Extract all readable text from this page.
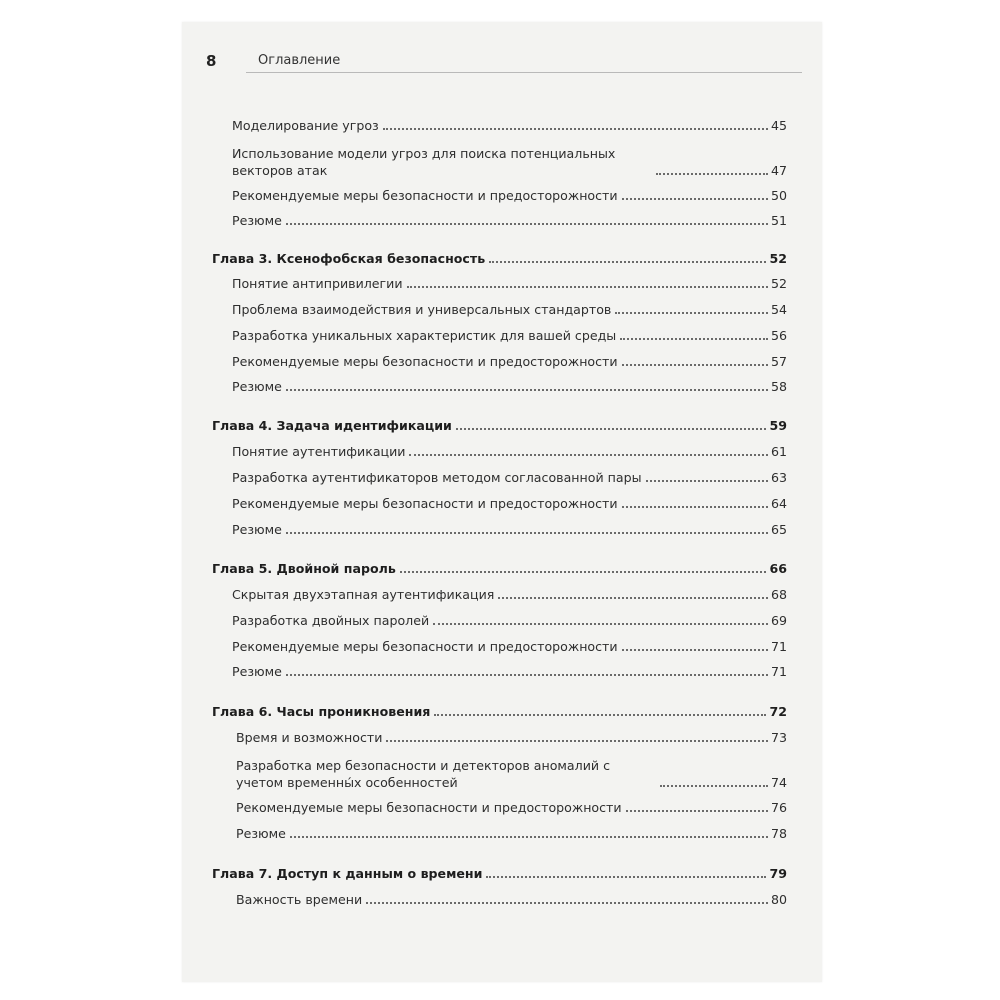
8	Оглавление
Моделирование угроз	45
Использование модели угроз для поиска потенциальных векторов атак	47
Рекомендуемые меры безопасности и предосторожности	50
Резюме	51
Глава 3. Ксенофобская безопасность	52
Понятие антипривилегии	52
Проблема взаимодействия и универсальных стандартов	54
Разработка уникальных характеристик для вашей среды	56
Рекомендуемые меры безопасности и предосторожности	57
Резюме	58
Глава 4. Задача идентификации	59
Понятие аутентификации	61
Разработка аутентификаторов методом согласованной пары	63
Рекомендуемые меры безопасности и предосторожности	64
Резюме	65
Глава 5. Двойной пароль	66
Скрытая двухэтапная аутентификация	68
Разработка двойных паролей	69
Рекомендуемые меры безопасности и предосторожности	71
Резюме	71
Глава 6. Часы проникновения	72
Время и возможности	73
Разработка мер безопасности и детекторов аномалий с учетом временны́х особенностей	74
Рекомендуемые меры безопасности и предосторожности	76
Резюме	78
Глава 7. Доступ к данным о времени	79
Важность времени	80
